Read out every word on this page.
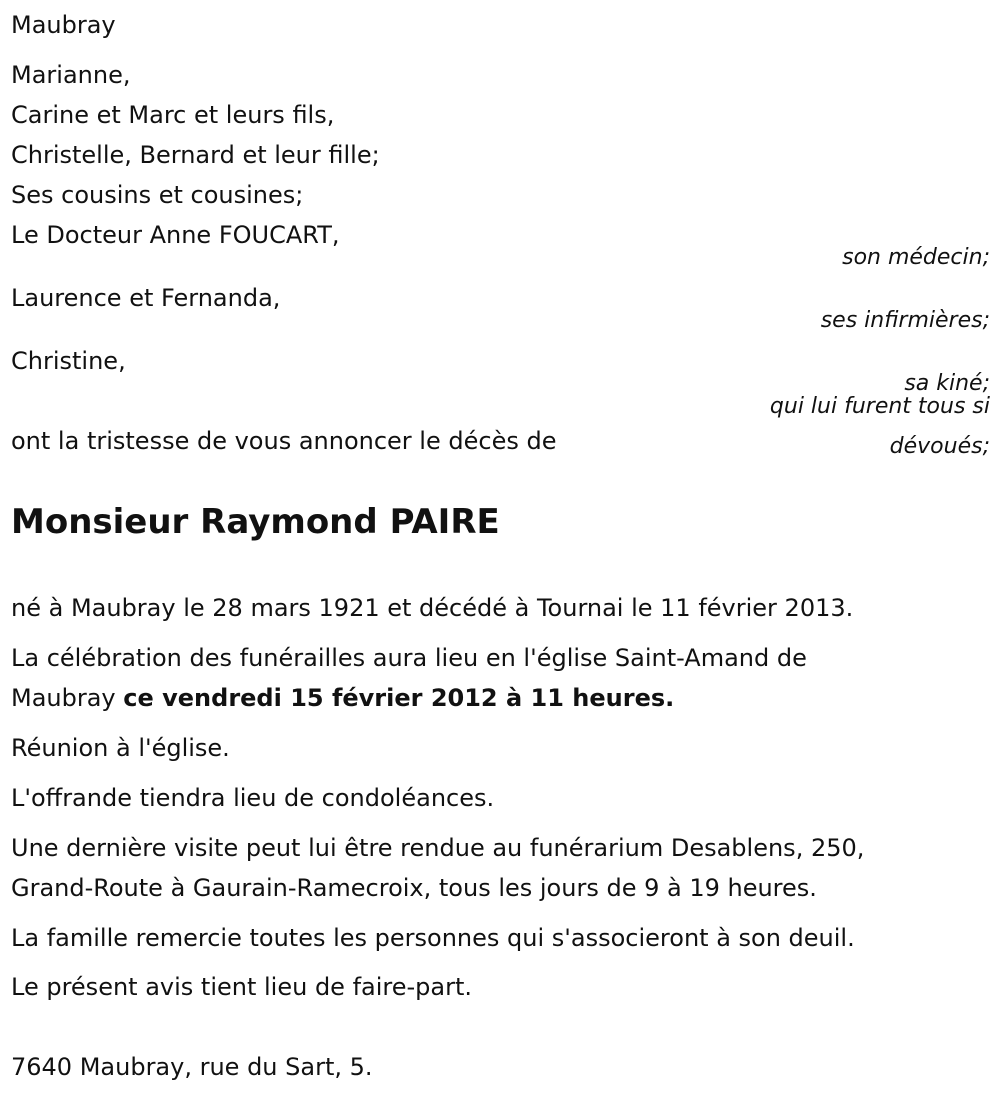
Maubray
Marianne,
Carine et Marc et leurs fils,
Christelle, Bernard et leur fille;
Ses cousins et cousines;
Le Docteur Anne FOUCART,
son médecin;
Laurence et Fernanda,
ses infirmières;
Christine,
sa kiné;
qui lui furent tous si
ont la tristesse de vous annoncer le décès de	dévoués;
Monsieur Raymond PAIRE
né à Maubray le 28 mars 1921 et décédé à Tournai le 11 février 2013.
La célébration des funérailles aura lieu en l'église Saint-Amand de
Maubray ce vendredi 15 février 2012 à 11 heures.
Réunion à l'église.
L'offrande tiendra lieu de condoléances.
Une dernière visite peut lui être rendue au funérarium Desablens, 250,
Grand-Route à Gaurain-Ramecroix, tous les jours de 9 à 19 heures.
La famille remercie toutes les personnes qui s'associeront à son deuil.
Le présent avis tient lieu de faire-part.
7640 Maubray, rue du Sart, 5.
